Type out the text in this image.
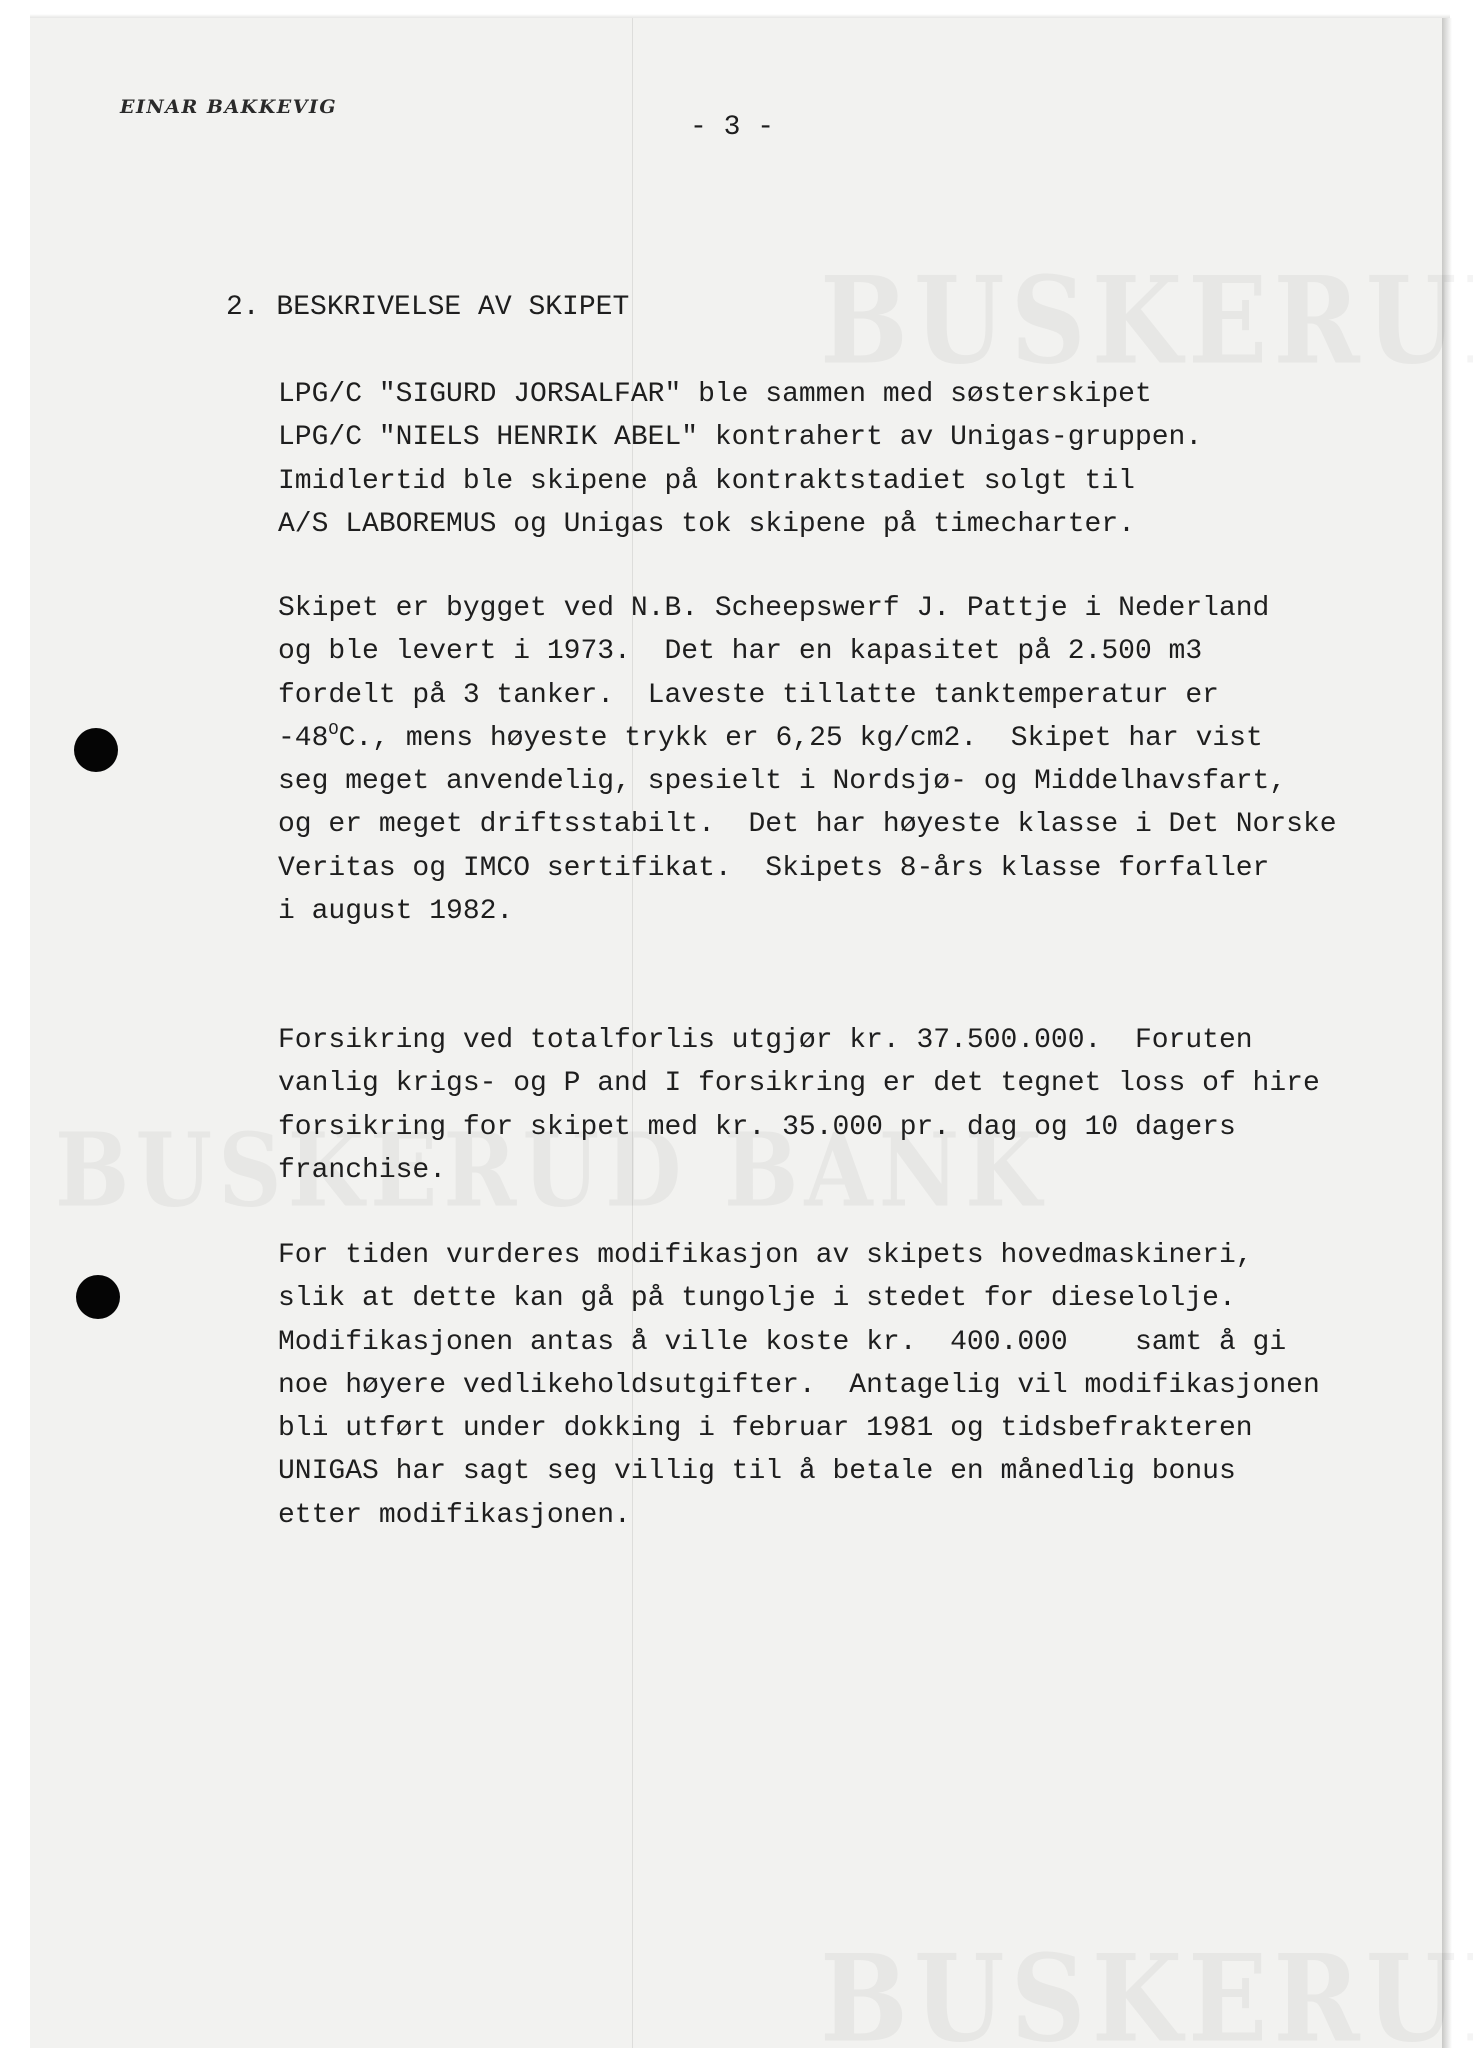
EINAR BAKKEVIG
- 3 -
2. BESKRIVELSE AV SKIPET
LPG/C "SIGURD JORSALFAR" ble sammen med søsterskipet
LPG/C "NIELS HENRIK ABEL" kontrahert av Unigas-gruppen.
Imidlertid ble skipene på kontraktstadiet solgt til
A/S LABOREMUS og Unigas tok skipene på timecharter.
Skipet er bygget ved N.B. Scheepswerf J. Pattje i Nederland
og ble levert i 1973.  Det har en kapasitet på 2.500 m3
fordelt på 3 tanker.  Laveste tillatte tanktemperatur er
$-48^OC$., mens høyeste trykk er 6,25 kg/cm2.  Skipet har vist
seg meget anvendelig, spesielt i Nordsjø- og Middelhavsfart,
og er meget driftsstabilt.  Det har høyeste klasse i Det Norske
Veritas og IMCO sertifikat.  Skipets 8-års klasse forfaller
i august 1982.
Forsikring ved totalforlis utgjør kr. 37.500.000.  Foruten
vanlig krigs- og P and I forsikring er det tegnet loss of hire
forsikring for skipet med kr. 35.000 pr. dag og 10 dagers
franchise.
For tiden vurderes modifikasjon av skipets hovedmaskineri,
slik at dette kan gå på tungolje i stedet for dieselolje.
Modifikasjonen antas å ville koste kr.  400.000    samt å gi
noe høyere vedlikeholdsutgifter.  Antagelig vil modifikasjonen
bli utført under dokking i februar 1981 og tidsbefrakteren
UNIGAS har sagt seg villig til å betale en månedlig bonus
etter modifikasjonen.
